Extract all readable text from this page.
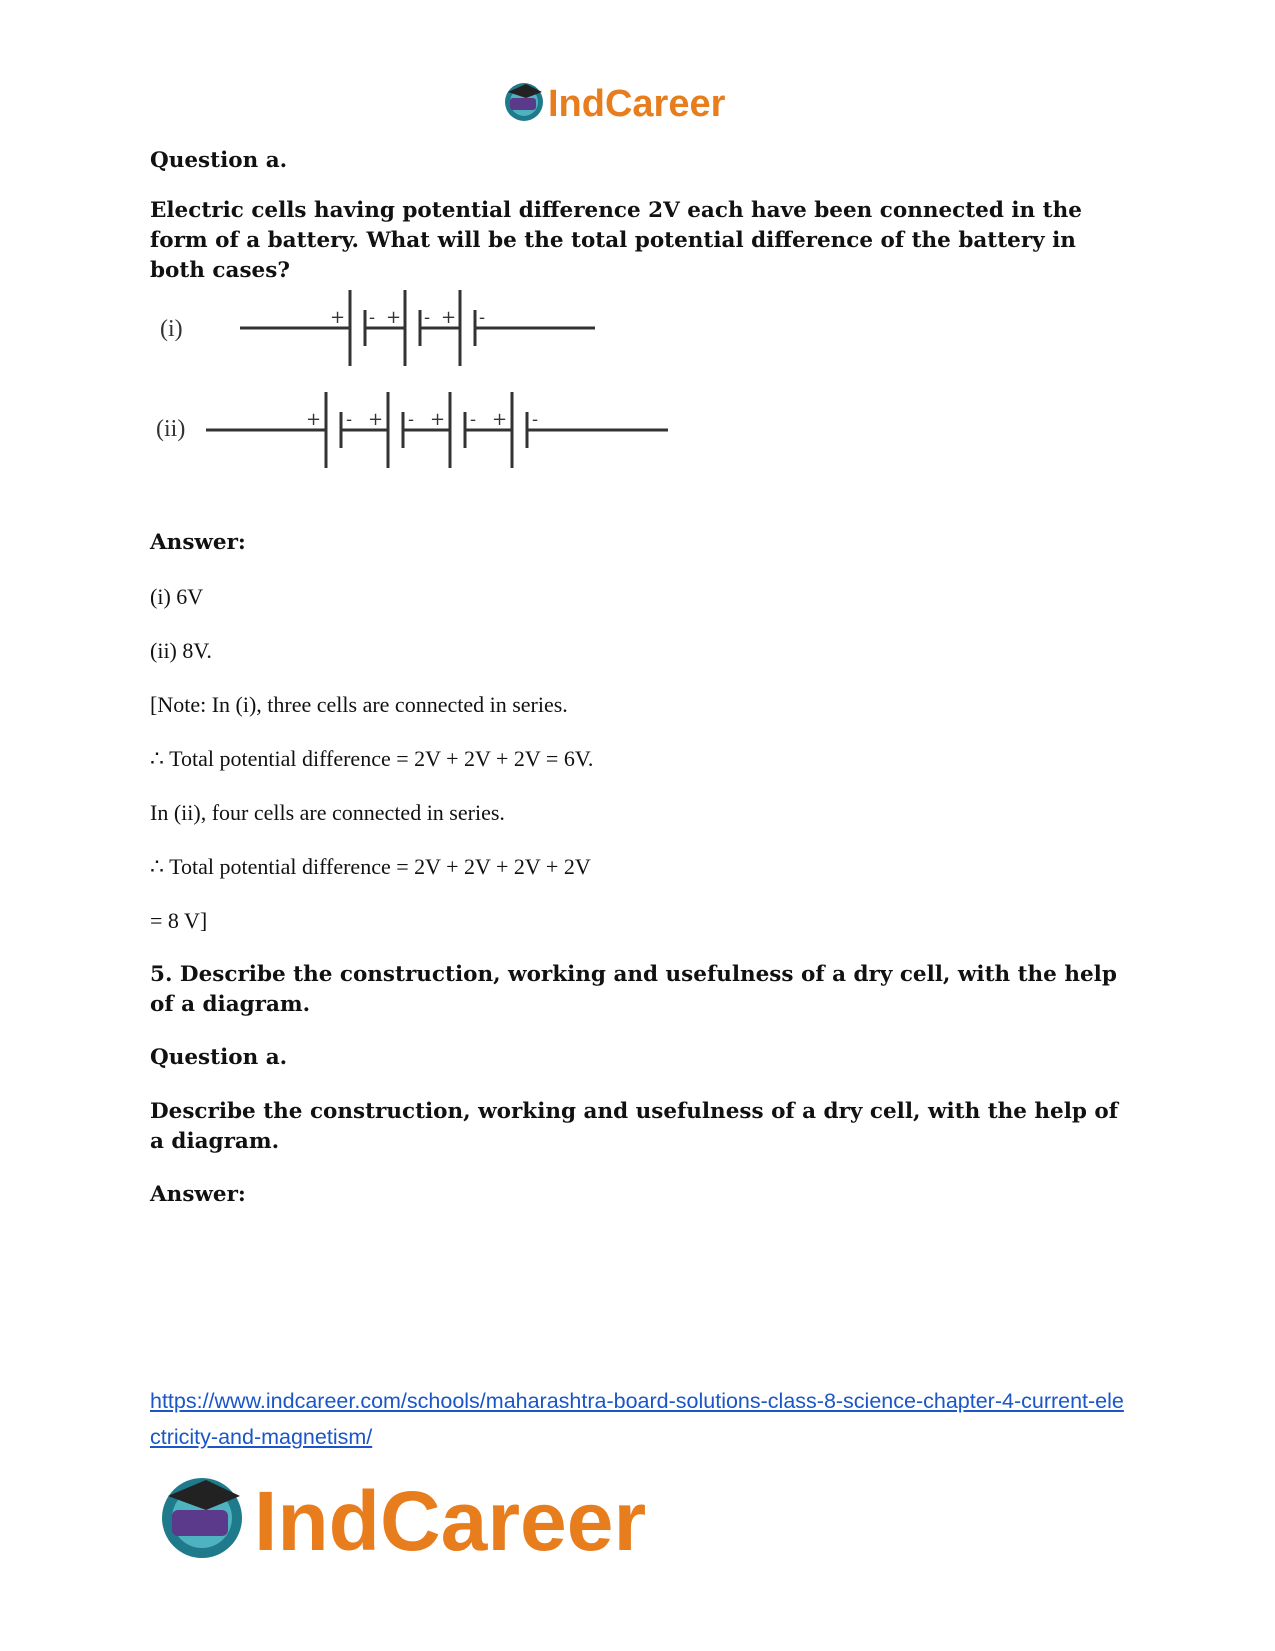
IndCareer

Question a.

Electric cells having potential difference 2V each have been connected in the form of a battery. What will be the total potential difference of the battery in both cases?

(i)	+ - + - + -
(ii)	+ - + - + - + -

Answer:

(i) 6V

(ii) 8V.

[Note: In (i), three cells are connected in series.

∴ Total potential difference = 2V + 2V + 2V = 6V.

In (ii), four cells are connected in series.

∴ Total potential difference = 2V + 2V + 2V + 2V

= 8 V]

5. Describe the construction, working and usefulness of a dry cell, with the help of a diagram.

Question a.

Describe the construction, working and usefulness of a dry cell, with the help of a diagram.

Answer:

https://www.indcareer.com/schools/maharashtra-board-solutions-class-8-science-chapter-4-current-electricity-and-magnetism/
IndCareer
